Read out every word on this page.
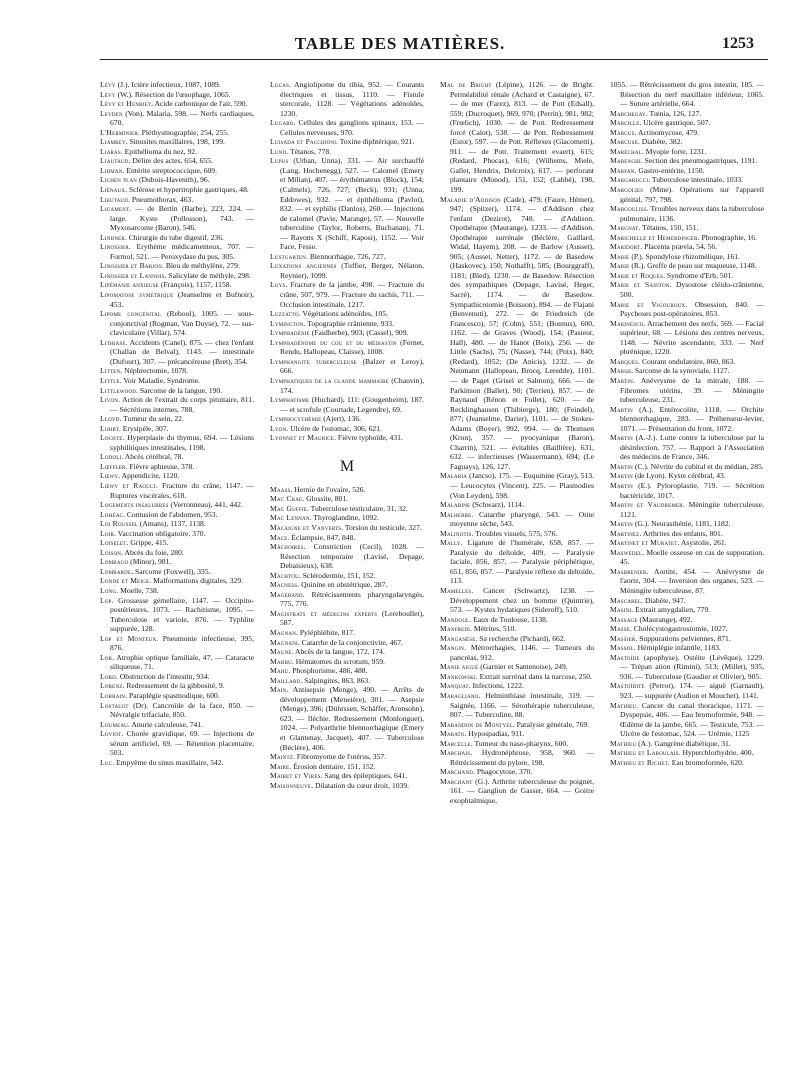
TABLE DES MATIÈRES.	1253

Lévy (J.). Ictère infectieux, 1087, 1089.

Lévy (W.). Résection de l'œsophage, 1065.

Lévy et Henriet. Acide carbonique de l'air, 590.

Leyden (Von). Malaria, 598. — Nerfs cardiaques, 670.

L'Herminier. Pléthysmographie, 254, 255.

Liambey. Sinusites maxillaires, 198, 199.

Liaras. Epithélioma du nez, 92.

Liautaud. Délire des actes, 654, 655.

Libman. Entérite streptococcique, 609.

Lichen plan (Dubois-Havenith), 96.

Liénaux. Sclérose et hypertrophie gastriques, 48.

Lieutaud. Pneumothorax, 463.

Ligament. — de Bertin (Barbe), 223, 224. — large. Kyste (Pollosson), 743. — Myxosarcome (Baron), 546.

Lindner. Chirurgie du tube digestif, 236.

Linossier. Erythème médicamenteux, 707. — Formol, 521. — Peroxydase du pus, 305.

Linossier et Barjon. Bleu de méthylène, 279.

Linossier et Lannois. Salicylate de méthyle, 298.

Lipémanie anxieuse (François), 1157, 1158.

Lipomatose symétrique (Jeanselme et Bufnoir), 453.

Lipome congénital (Reboul), 1005. — sous-conjonctival (Rogman, Van Duyse), 72. — sus-claviculaire (Villar), 574.

Lithiase. Accidents (Canel), 875. — chez l'enfant (Challan de Belval), 1143. — intestinale (Dufourt), 307. — précancéreuse (Bret), 354.

Litten. Néphrectomie, 1078.

Little. Voir Maladie, Syndrome.

Littlewood. Sarcome de la langue, 190.

Livon. Action de l'extrait du corps pituitaire, 811. — Sécrétions internes, 788.

Lloyd. Tumeur du sein, 22.

Lohrt. Erysipèle, 307.

Lochte. Hyperplasie du thymus, 694. — Lésions syphilitiques intestinales, 1198.

Lodoli. Abcès cérébral, 78.

Lœffler. Fièvre aphteuse, 378.

Lœwy. Appendicite, 1120.

Lœwy et Raoult. Fracture du crâne, 1147. — Ruptures viscérales, 618.

Logements insalubres (Verronneau), 441, 442.

Lohéac. Contusion de l'abdomen, 953.

Loi Roussel (Amans), 1137, 1138.

Loir. Vaccination obligatoire, 370.

Loiselet. Grippe, 415.

Loison. Abcès du foie, 280.

Lombago (Minor), 981.

Lombarde. Sarcome (Foxwell), 335.

Londe et Meige. Malformations digitales, 329.

Long. Moelle, 738.

Lop. Grossesse gémellaire, 1147. — Occipito-postérieures, 1073. — Rachitisme, 1095. — Tuberculose et variole, 876. — Typhlite suppurée, 128.

Lop et Monteux. Pneumonie infectieuse, 395, 876.

Lor. Atrophie optique familiale, 47. — Cataracte siliqueuse, 71.

Lord. Obstruction de l'intestin, 934.

Lorenz. Redressement de la gibbosité, 9.

Lorrain. Paraplégie spasmodique, 600.

Lostalot (Dr). Cancroïde de la face, 850. — Névralgie trifaciale, 850.

Loumeau. Anurie calculeuse, 741.

Loviot. Chorée gravidique, 69. — Injections de sérum artificiel, 69. — Rétention placentaire, 503.

Luc. Empyème du sinus maxillaire, 542.

Lucas. Angiolipome du tibia, 952. — Courants électriques et tissus, 1110. — Fistule stercorale, 1128. — Végétations adénoïdes, 1230.

Lugaro. Cellules des ganglions spinaux, 153. — Cellules nerveuses, 970.

Luisada et Pacchioni. Toxine diphtérique, 921.

Lund. Tétanos, 778.

Lupus (Urban, Unna), 331. — Air surchauffé (Lang, Hochenegg), 527. — Calomel (Emery et Milian), 407. — érythémateux (Block), 154; (Calmels), 726, 727; (Beck), 931; (Unna, Eddowes), 932. — et épithélioma (Pavlot), 832. — et syphilis (Danlos), 260. — Injections de calomel (Pavie, Marange), 57. — Nouvelle tuberculine (Taylor, Roberts, Buchanan), 71. — Rayons X (Schiff, Kaposi), 1152. — Voir Face, Fesse.

Lustgarten. Blennorrhagie, 726, 727.

Luxations anciennes (Tuffier, Berger, Nélaton, Reynier), 1099.

Luys. Fracture de la jambe, 498. — Fracture du crâne, 507, 979. — Fracture du rachis, 711. — Occlusion intestinale, 1217.

Luzzatto. Végétations adénoïdes, 105.

Lymington. Topographie crânienne, 933.

Lymphadénie (Faidherbe), 903; (Cassel), 909.

Lymphadénome du cou et du médiastin (Fernet, Rendu, Hallopeau, Claisse), 1008.

Lymphangite tuberculeuse (Balzer et Leroy), 666.

Lymphatiques de la glande mammaire (Chauvin), 174.

Lymphatisme (Huchard), 111: (Gougenheim), 187. — et scrofule (Courtade, Legendre), 69.

Lymphocythémie (Ajert), 136.

Lyon. Ulcère de l'estomac, 306, 621.

Lyonnet et Maurice. Fièvre typhoïde, 431.

M

Maass. Hernie de l'ovaire, 526.

Mac Crae. Glossite, 801.

Mac Guffie. Tuberculose testiculaire, 31, 32.

Mac Lennan. Thyroglandine, 1092.

Macaigne et Vanverts. Torsion du testicule, 327.

Mace. Éclampsie, 847, 848.

Mâchoires. Constriction (Cecil), 1028. — Résection temporaire (Lavisé, Depage, Debaisieux), 638.

Machtou. Sclérodermie, 151, 152.

Macness. Quinine en obstétrique, 287.

Magerand. Rétrécissements pharyngolaryngés, 775, 776.

Magistrats et médecins experts (Lereboullet), 587.

Magnan. Pyléphlébite, 817.

Magnani. Catarrhe de la conjonctivite, 467.

Magne. Abcès de la langue, 172, 174.

Mahbu. Hématomes du scrotum, 959.

Mahu. Phosphorisme, 486, 488.

Maillard. Salpingites, 863, 863.

Main. Antisepsie (Menge), 490. — Arrêts de développement (Meneière), 301. — Asepsie (Menge), 396; (Dührssen, Schäffer, Aronsohn), 623. — fléchie. Redressement (Monlonguet), 1024. — Polyarthrite blennorrhagique (Emery et Glantenay, Jacquet), 407. — Tuberculose (Béclère), 406.

Maintz. Fibromyome de l'utérus, 357.

Maire. Érosion dentaire, 151, 152.

Mairet et Vires. Sang des épileptiques, 641.

Maisonneuve. Dilatation du cœur droit, 1039.

Mal de Bright (Lépine), 1126. — de Bright. Perméabilité rénale (Achard et Castaigne), 67. — de mer (Farez), 813. — de Pott (Edsall), 559; (Ducroquet), 969, 970; (Perrin), 981, 982; (Frœlich), 1030. — de Pott. Redressement forcé (Calot), 538. — de Pott. Redressement (Estor), 597. — de Pott. Réflexes (Giacometti), 911. — de Pott. Traitement evaert), 615; (Redard, Phocas), 616; (Wilhems, Miele, Gallet, Hendrix, Delcroix), 617. — perforant plantaire (Monod), 151, 152; (Labbé), 198, 199.

Maladie d'Addison (Cade), 479; (Faure, Hémet), 947; (Spitzer), 1174. — d'Addison chez l'enfant (Dezirot), 748. — d'Addison. Opothérapie (Maurange), 1233. — d'Addison. Opothérapie surrénale (Béclère, Gaillard, Widal, Hayem), 208. — de Barlow (Ausset), 905; (Ausset, Netter), 1172. — de Basedow (Haskovec), 150; Nothafft), 585; (Bourggraff), 1181; (Bled), 1230. — de Basedow. Résection des sympathiques (Depage, Lavisé, Heger, Sacré), 1174. — de Basedow. Sympathicotomie (Boisson), 894. — de Flajani (Benvenuti), 272. — de Friedreich (de Francesco), 57; (Cohn), 551; (Bonnus), 600, 1162. — de Graves (Wood), 154; (Pasteur, Hall), 480. — de Hanot (Boix), 256. — de Little (Sachs), 75; (Nasse), 744; (Poix), 840; (Redard), 1052; (De Anicis), 1232. — de Neumann (Hallopeau, Brocq, Leredde), 1101. — de Paget (Grisel et Salmon), 666. — de Parkinson (Ballet), 90; (Terrien), 857. — de Raynaud (Rénon et Follet), 620. — de Recklinghausen (Thibierge), 180; (Feindel), 877; (Jeanselme, Darier), 1101. — de Stokes-Adams (Boyer), 992, 994. — de Thomsen (Kron), 357. — pyocyanique (Baron), Charrin), 521. — évitables (Baillière), 631, 632. — infectieuses (Wassermann), 694; (Le Faguays), 126, 127.

Malaria (Jancso), 175. — Euquinine (Gray), 513. — Leucocytes (Vincent), 225. — Plasmodies (Von Leyden), 598.

Malarine (Schwarz), 1114.

Malherbe. Catarrhe pharyngé, 543. — Otite moyenne sèche, 543.

Malinotis. Troubles visuels, 575, 576.

Mally. Ligature de l'humérale, 658, 857. — Paralysie du deltoïde, 409. — Paralysie faciale, 856, 857. — Paralysie périphérique, 651, 856, 857. — Paralysie réflexe du deltoïde, 113.

Mamelles. Cancer (Schwartz), 1238. — Développement chez un homme (Quintrie), 573. — Kystes hydatiques (Sideroff), 510.

Mandoul. Eaux de Toulouse, 1138.

Manfredi. Métrites, 510.

Manganèse. Sa recherche (Pichard), 662.

Mangin. Métrorrhagies, 1146. — Tumeurs du pancréas, 912.

Manie aiguë (Garnier et Santenoise), 249.

Mankowski. Extrait surrénal dans la narcose, 250.

Manquat. Infections, 1222.

Maragliano. Helminthiase intestinale, 319. — Saignée, 1166. — Sérothérapie tuberculeuse, 807. — Tuberculine, 88.

Marandon de Montyel. Paralysie générale, 769.

Marato. Hypospadias, 911.

Marcelle. Tumeur du naso-pharynx, 600.

Marchais. Hydronéphrose, 958, 960. — Rétrécissement du pylore, 198.

Marchand. Phagocytose, 370.

Marchant (G.). Arthrite tuberculeuse du poignet, 161. — Ganglion de Gasser, 664. — Goitre exophtalmique,

1055. — Rétrécissement du gros intestin, 185. — Résection du nerf maxillaire inférieur, 1065. — Suture artérielle, 664.

Marchegay. Tœnia, 126, 127.

Marcille. Ulcère gastrique, 507.

Marcus. Actinomycose, 479.

Marcuse. Diabète, 382.

Maréchal. Myopie forte, 1231.

Marenghi. Section des pneumogastriques, 1191.

Marfan. Gastro-entérite, 1150.

Margarucci. Tuberculose intestinale, 1033.

Margolies (Mme). Opérations sur l'appareil génital, 797, 798.

Margouliss. Troubles nerveux dans la tuberculose pulmonaire, 1136.

Margnat. Tétanos, 150, 151.

Marichelle et Hemerdinger. Phonographie, 16.

Maridort. Placenta prævia, 54, 56.

Marie (P.). Spondylose rhizomélique, 161.

Marie (R.). Greffe de peau sur muqueuse, 1148.

Marie et Roques. Syndrome d'Erb, 501.

Marie et Sainton. Dysostose cléido-crânienne, 500.

Marie et Vigouroux. Obsession, 840. — Psychoses post-opératoires, 853.

Marinesco. Arrachement des nerfs, 569. — Facial supérieur, 68. — Lésions des centres nerveux, 1148. — Névrite ascendante, 333. — Nerf phrénique, 1220.

Marqués. Courant ondulatoire, 860, 863.

Marsh. Sarcome de la synoviale, 1127.

Martin. Anévrysme de la mitrale, 188. — Fibromes utérins, 39. — Méningite tuberculeuse, 231.

Martin (A.). Entérocolite, 1118. — Orchite blennorrhagique, 283. — Préhenseur-levier, 1071. — Présentation du front, 1072.

Martin (A.-J.). Lutte contre la tuberculose par la désinfection, 757. — Rapport à l'Association des médecins de France, 346.

Martin (C.). Névrite du cubital et du médian, 285.

Martin (de Lyon). Kyste cérébral, 43.

Martin (E.). Pyloroplastie, 719. — Sécrétion bactéricide, 1017.

Martin et Vaudremer. Méningite tuberculeuse, 1121.

Martin (G.). Neurasthénie, 1181, 1182.

Martinez. Arthrites des enfants, 801.

Martinet et Muratet. Asystolie, 261.

Maswedel. Moelle osseuse en cas de suppuration, 45.

Masbrenier. Aortite, 454. — Anévrysme de l'aorte, 304. — Inversion des organes, 523. — Méningite tuberculeuse, 87.

Mascarel. Diabète, 947.

Masini. Extrait amygdalien, 779.

Massage (Maurange), 492.

Masse. Cholécystogastrostomie, 1027.

Massier. Suppurations pelviennes, 871.

Massol. Hémiplégie infantile, 1183.

Mastoïde (apophyse). Ostéite (Lévêque), 1229. — Trépan ation (Rimini), 513; (Millet), 935, 936. — Tuberculose (Gaudier et Olivier), 905.

Mastoïdite (Perrot), 174. — aiguë (Garnault), 923. — suppurée (Audion et Mouchet), 1141.

Mathieu. Cancer du canal thoracique, 1171. — Dyspepsie, 406. — Eau bromoformée, 948. — Œdème de la jambe, 665. — Testicule, 753. — Ulcère de l'estomac, 524. — Urémie, 1125

Mathieu (A.). Gangrène diabétique, 31.

Mathieu et Laboulais. Hyperchlorhydrie, 400.

Mathieu et Richet. Eau bromoformée, 620.
